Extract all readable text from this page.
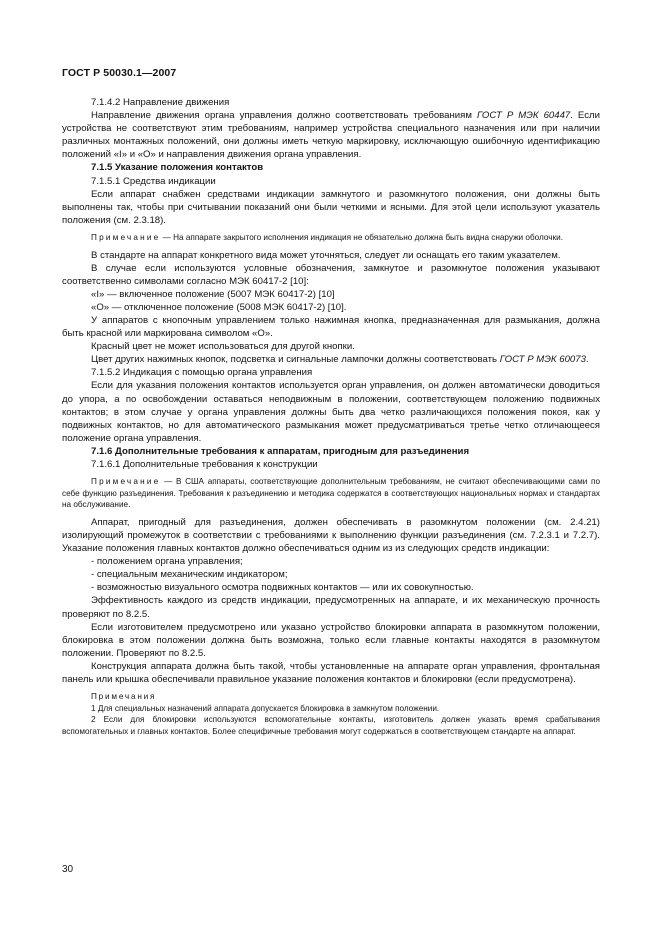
ГОСТ Р 50030.1—2007

7.1.4.2 Направление движения

Направление движения органа управления должно соответствовать требованиям ГОСТ Р МЭК 60447. Если устройства не соответствуют этим требованиям, например устройства специального назначения или при наличии различных монтажных положений, они должны иметь четкую маркировку, исключающую ошибочную идентификацию положений «I» и «O» и направления движения органа управления.

7.1.5 Указание положения контактов

7.1.5.1 Средства индикации

Если аппарат снабжен средствами индикации замкнутого и разомкнутого положения, они должны быть выполнены так, чтобы при считывании показаний они были четкими и ясными. Для этой цели используют указатель положения (см. 2.3.18).

Примечание — На аппарате закрытого исполнения индикация не обязательно должна быть видна снаружи оболочки.

В стандарте на аппарат конкретного вида может уточняться, следует ли оснащать его таким указателем.

В случае если используются условные обозначения, замкнутое и разомкнутое положения указывают соответственно символами согласно МЭК 60417-2 [10]:

«I» — включенное положение (5007 МЭК 60417-2) [10]

«O» — отключенное положение (5008 МЭК 60417-2) [10].

У аппаратов с кнопочным управлением только нажимная кнопка, предназначенная для размыкания, должна быть красной или маркирована символом «O».

Красный цвет не может использоваться для другой кнопки.

Цвет других нажимных кнопок, подсветка и сигнальные лампочки должны соответствовать ГОСТ Р МЭК 60073.

7.1.5.2 Индикация с помощью органа управления

Если для указания положения контактов используется орган управления, он должен автоматически доводиться до упора, а по освобождении оставаться неподвижным в положении, соответствующем положению подвижных контактов; в этом случае у органа управления должны быть два четко различающихся положения покоя, как у подвижных контактов, но для автоматического размыкания может предусматриваться третье четко отличающееся положение органа управления.

7.1.6 Дополнительные требования к аппаратам, пригодным для разъединения

7.1.6.1 Дополнительные требования к конструкции

Примечание — В США аппараты, соответствующие дополнительным требованиям, не считают обеспечивающими сами по себе функцию разъединения. Требования к разъединению и методика содержатся в соответствующих национальных нормах и стандартах на обслуживание.

Аппарат, пригодный для разъединения, должен обеспечивать в разомкнутом положении (см. 2.4.21) изолирующий промежуток в соответствии с требованиями к выполнению функции разъединения (см. 7.2.3.1 и 7.2.7). Указание положения главных контактов должно обеспечиваться одним из из следующих средств индикации:

- положением органа управления;

- специальным механическим индикатором;

- возможностью визуального осмотра подвижных контактов — или их совокупностью.

Эффективность каждого из средств индикации, предусмотренных на аппарате, и их механическую прочность проверяют по 8.2.5.

Если изготовителем предусмотрено или указано устройство блокировки аппарата в разомкнутом положении, блокировка в этом положении должна быть возможна, только если главные контакты находятся в разомкнутом положении. Проверяют по 8.2.5.

Конструкция аппарата должна быть такой, чтобы установленные на аппарате орган управления, фронтальная панель или крышка обеспечивали правильное указание положения контактов и блокировки (если предусмотрена).

Примечания

1 Для специальных назначений аппарата допускается блокировка в замкнутом положении.

2 Если для блокировки используются вспомогательные контакты, изготовитель должен указать время срабатывания вспомогательных и главных контактов. Более специфичные требования могут содержаться в соответствующем стандарте на аппарат.

30
